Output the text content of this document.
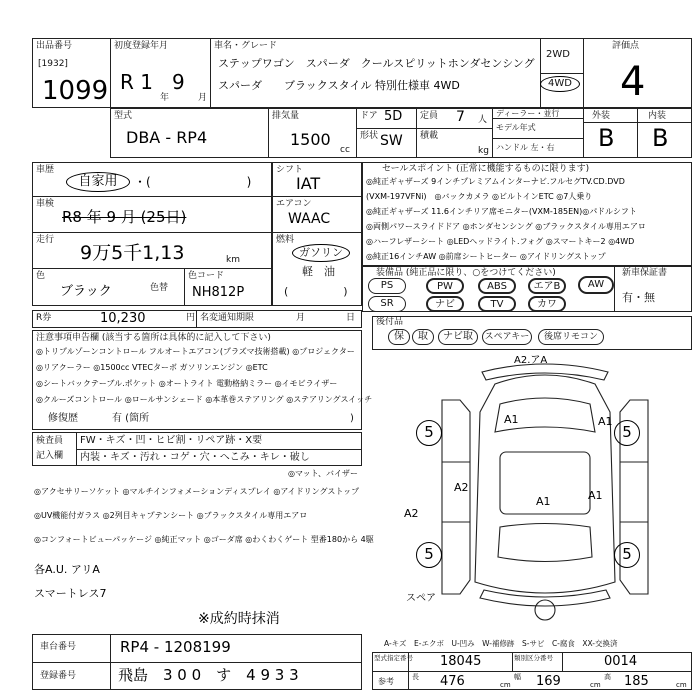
出品番号
[1932]
1099
初度登録年月
R 1
年
9
月
車名・グレード
ステップワゴン　スパーダ　クールスピリットホンダセンシング
スパーダ　　ブラックスタイル 特別仕様車 4WD
2WD
4WD
評価点
4
型式
DBA - RP4
排気量
1500
cc
ドア 5D 定員 7 人
形状 SW 積載
kg
ディーラー・並行
モデル年式
ハンドル 左・右
外装	内装
B B
車歴
自家用	・(　　　　　　　　)
車検
R8 年 9 月 (25日)
走行
9万5千1,13	km
色
ブラック	色替
色コード
NH812P
シフト
IAT
エアコン
WAAC
燃料
ガソリン
軽　油
(　　　　　)
セールスポイント (正常に機能するものに限ります)
◎純正ギャザーズ 9インチプレミアムインターナビ.フルセグTV.CD.DVD
(VXM-197VFNi)　◎バックカメラ ◎ビルトインETC ◎7人乗り
◎純正ギャザーズ 11.6インチリア席モニター(VXM-185EN)◎パドルシフト
◎両側パワースライドドア ◎ホンダセンシング ◎ブラックスタイル専用エアロ
◎ハーフレザーシート ◎LEDヘッドライト.フォグ ◎スマートキー2 ◎4WD
◎純正16インチAW ◎前席シートヒーター ◎アイドリングストップ
装備品 (純正品に限り、○をつけてください)	新車保証書
PS	PW	ABS	エアB	AW
SR	ナビ	TV	カワ
有・無
R券	10,230	円 名変通知期限	月	日 後付品
保	取	ナビ取	スペアキー	後席リモコン
注意事項申告欄 (該当する箇所は具体的に記入して下さい)
◎トリプルゾーンコントロール フルオートエアコン(プラズマ技術搭載) ◎プロジェクター
◎リアクーラー ◎1500cc VTECターボ ガソリンエンジン ◎ETC
◎シートバックテーブル.ポケット ◎オートライト 電動格納ミラー ◎イモビライザー
◎クルーズコントロール ◎ロールサンシェード ◎本革巻ステアリング ◎ステアリングスイッチ
修復歴	有 (箇所	)
検査員
記入欄
FW・キズ・凹・ヒビ割・リペア跡・X要
内装・キズ・汚れ・コゲ・穴・へこみ・キレ・破し
◎マット、バイザー
◎アクセサリーソケット ◎マルチインフォメーションディスプレイ ◎アイドリングストップ
◎UV機能付ガラス ◎2列目キャプテンシート ◎ブラックスタイル専用エアロ
◎コンフォートビューパッケージ ◎純正マット ◎ゴーダ席 ◎わくわくゲート 型番180から 4駆
各A.U. アリA
スマートレス7
※成約時抹消
A2.アA
A1	A1
A2
A2
A1	A1
5	5
5	5
スペア
車台番号	RP4 - 1208199
登録番号	飛島　3 0 0　す　4 9 3 3
A-キズ　E-エクボ　U-凹み　W-補修跡　S-サビ　C-腐食　XX-交換済
型式指定番号 18045	類別区分番号	0014
参考	長 476	cm
幅 169	cm
高 185	cm
